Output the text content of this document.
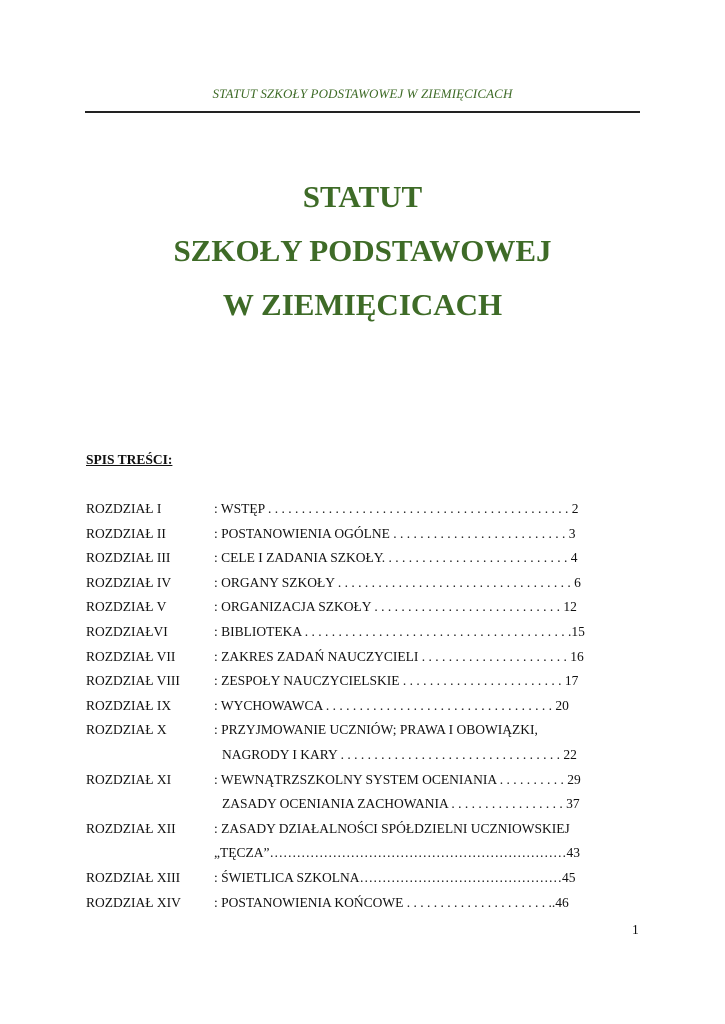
STATUT SZKOŁY PODSTAWOWEJ W ZIEMIĘCICACH
STATUT
SZKOŁY PODSTAWOWEJ
W ZIEMIĘCICACH
SPIS TREŚCI:
ROZDZIAŁ I	: WSTĘP . . . . . . . . . . . . . . . . . . . . . . . . . . . . . . . . . . . . . . . . . . . . . 2
ROZDZIAŁ II	: POSTANOWIENIA OGÓLNE . . . . . . . . . . . . . . . . . . . . . . . . . . 3
ROZDZIAŁ III	: CELE I ZADANIA SZKOŁY. . . . . . . . . . . . . . . . . . . . . . . . . . . . 4
ROZDZIAŁ IV	: ORGANY SZKOŁY . . . . . . . . . . . . . . . . . . . . . . . . . . . . . . . . . . . 6
ROZDZIAŁ V	: ORGANIZACJA SZKOŁY . . . . . . . . . . . . . . . . . . . . . . . . . . . . 12
ROZDZIAŁVI	: BIBLIOTEKA . . . . . . . . . . . . . . . . . . . . . . . . . . . . . . . . . . . . . . . .15
ROZDZIAŁ VII	: ZAKRES ZADAŃ NAUCZYCIELI . . . . . . . . . . . . . . . . . . . . . . 16
ROZDZIAŁ VIII	: ZESPOŁY NAUCZYCIELSKIE . . . . . . . . . . . . . . . . . . . . . . . . 17
ROZDZIAŁ IX	: WYCHOWAWCA . . . . . . . . . . . . . . . . . . . . . . . . . . . . . . . . . . 20
ROZDZIAŁ X	: PRZYJMOWANIE UCZNIÓW; PRAWA I OBOWIĄZKI,
NAGRODY I KARY . . . . . . . . . . . . . . . . . . . . . . . . . . . . . . . . . 22
ROZDZIAŁ XI	: WEWNĄTRZSZKOLNY SYSTEM OCENIANIA . . . . . . . . . . 29
ZASADY OCENIANIA ZACHOWANIA . . . . . . . . . . . . . . . . . 37
ROZDZIAŁ XII	: ZASADY DZIAŁALNOŚCI SPÓŁDZIELNI UCZNIOWSKIEJ
„TĘCZA”…………………………………………………………43
ROZDZIAŁ XIII	: ŚWIETLICA SZKOLNA………………………………………45
ROZDZIAŁ XIV : POSTANOWIENIA KOŃCOWE . . . . . . . . . . . . . . . . . . . . . ..46
1
